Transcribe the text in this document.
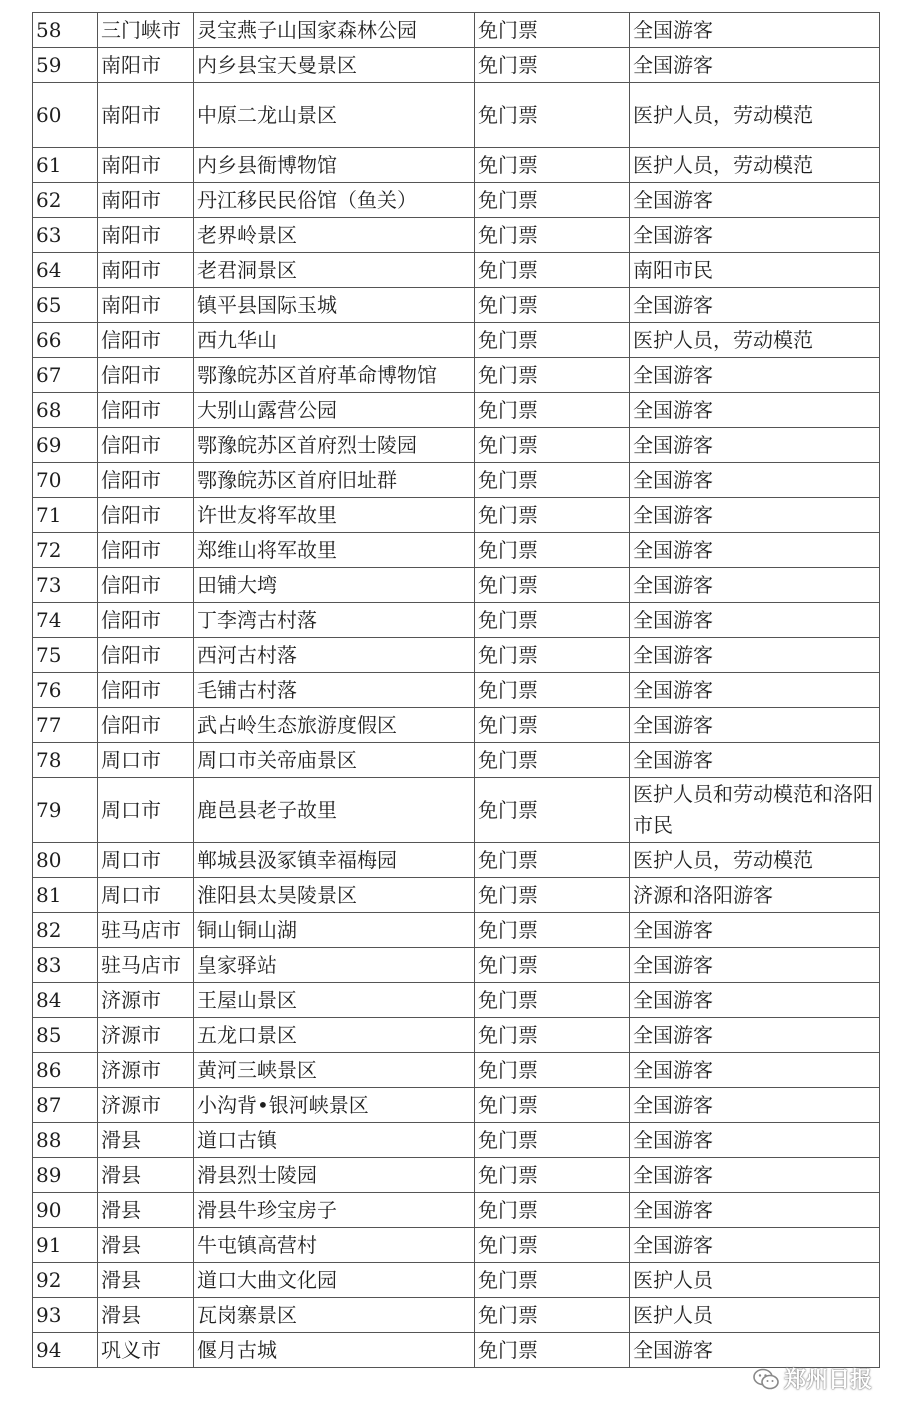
58	三门峡市	灵宝燕子山国家森林公园	免门票	全国游客
59	南阳市	内乡县宝天曼景区	免门票	全国游客
60	南阳市	中原二龙山景区	免门票	医护人员，劳动模范
61	南阳市	内乡县衙博物馆	免门票	医护人员，劳动模范
62	南阳市	丹江移民民俗馆（鱼关）	免门票	全国游客
63	南阳市	老界岭景区	免门票	全国游客
64	南阳市	老君洞景区	免门票	南阳市民
65	南阳市	镇平县国际玉城	免门票	全国游客
66	信阳市	西九华山	免门票	医护人员，劳动模范
67	信阳市	鄂豫皖苏区首府革命博物馆	免门票	全国游客
68	信阳市	大别山露营公园	免门票	全国游客
69	信阳市	鄂豫皖苏区首府烈士陵园	免门票	全国游客
70	信阳市	鄂豫皖苏区首府旧址群	免门票	全国游客
71	信阳市	许世友将军故里	免门票	全国游客
72	信阳市	郑维山将军故里	免门票	全国游客
73	信阳市	田铺大塆	免门票	全国游客
74	信阳市	丁李湾古村落	免门票	全国游客
75	信阳市	西河古村落	免门票	全国游客
76	信阳市	毛铺古村落	免门票	全国游客
77	信阳市	武占岭生态旅游度假区	免门票	全国游客
78	周口市	周口市关帝庙景区	免门票	全国游客
79	周口市	鹿邑县老子故里	免门票	医护人员和劳动模范和洛阳市民
80	周口市	郸城县汲冢镇幸福梅园	免门票	医护人员，劳动模范
81	周口市	淮阳县太昊陵景区	免门票	济源和洛阳游客
82	驻马店市	铜山铜山湖	免门票	全国游客
83	驻马店市	皇家驿站	免门票	全国游客
84	济源市	王屋山景区	免门票	全国游客
85	济源市	五龙口景区	免门票	全国游客
86	济源市	黄河三峡景区	免门票	全国游客
87	济源市	小沟背•银河峡景区	免门票	全国游客
88	滑县	道口古镇	免门票	全国游客
89	滑县	滑县烈士陵园	免门票	全国游客
90	滑县	滑县牛珍宝房子	免门票	全国游客
91	滑县	牛屯镇高营村	免门票	全国游客
92	滑县	道口大曲文化园	免门票	医护人员
93	滑县	瓦岗寨景区	免门票	医护人员
94	巩义市	偃月古城	免门票	全国游客
郑州日报
